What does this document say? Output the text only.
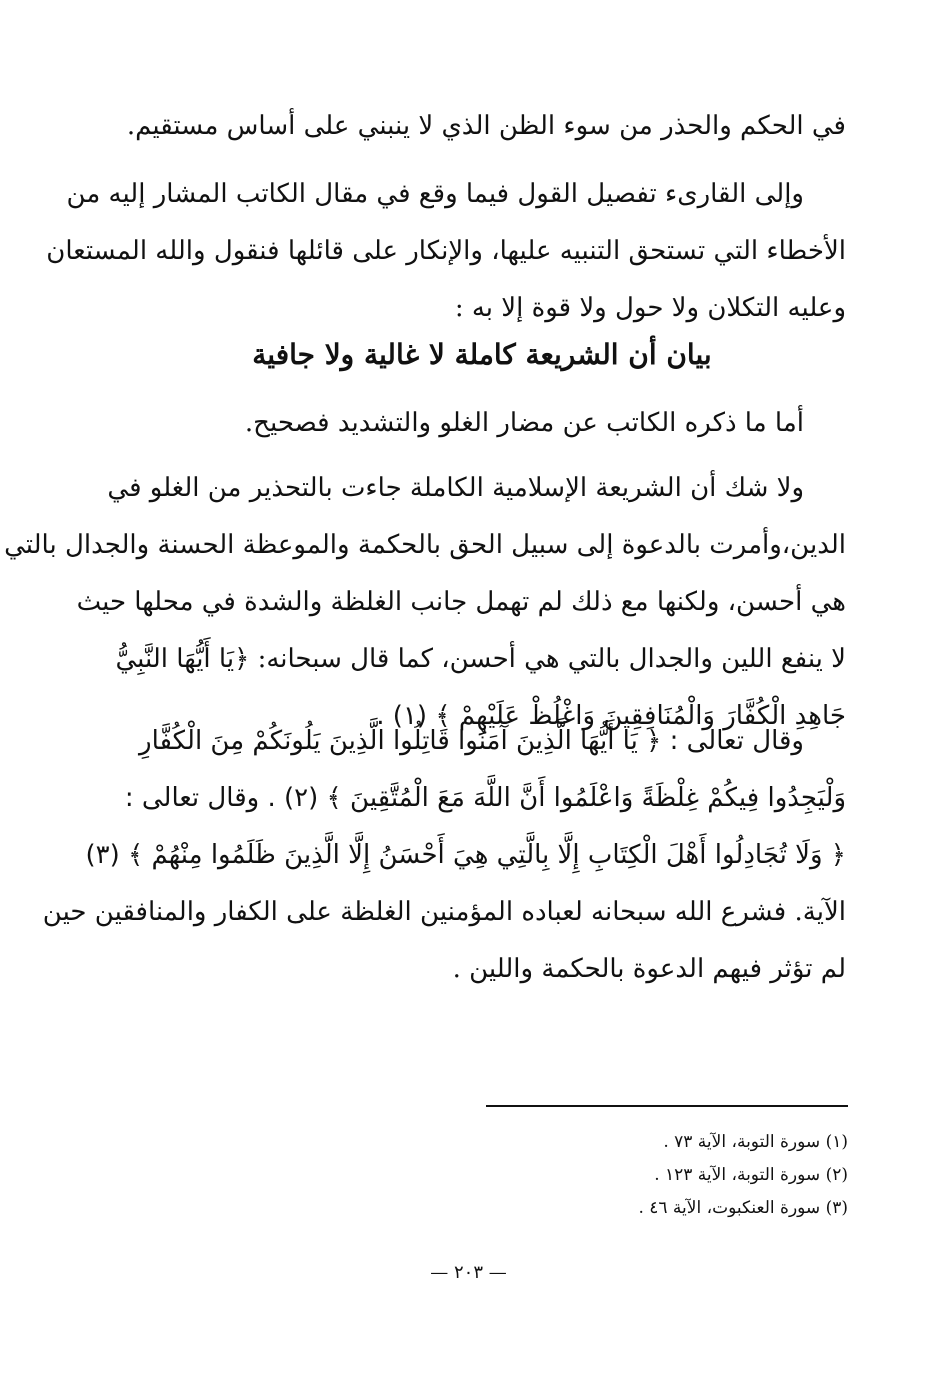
في الحكم والحذر من سوء الظن الذي لا ينبني على أساس مستقيم.
وإلى القارىء تفصيل القول فيما وقع في مقال الكاتب المشار إليه من
الأخطاء التي تستحق التنبيه عليها، والإنكار على قائلها فنقول والله المستعان
وعليه التكلان ولا حول ولا قوة إلا به :
بيان أن الشريعة كاملة لا غالية ولا جافية
أما ما ذكره الكاتب عن مضار الغلو والتشديد فصحيح.
ولا شك أن الشريعة الإسلامية الكاملة جاءت بالتحذير من الغلو في
الدين،وأمرت بالدعوة إلى سبيل الحق بالحكمة والموعظة الحسنة والجدال بالتي
هي أحسن، ولكنها مع ذلك لم تهمل جانب الغلظة والشدة في محلها حيث
لا ينفع اللين والجدال بالتي هي أحسن، كما قال سبحانه: ﴿يَا أَيُّهَا النَّبِيُّ
جَاهِدِ الْكُفَّارَ وَالْمُنَافِقِينَ وَاغْلُظْ عَلَيْهِمْ ﴾ (١) .
وقال تعالى : ﴿ يَا أَيُّهَا الَّذِينَ آمَنُوا قَاتِلُوا الَّذِينَ يَلُونَكُمْ مِنَ الْكُفَّارِ
وَلْيَجِدُوا فِيكُمْ غِلْظَةً وَاعْلَمُوا أَنَّ اللَّهَ مَعَ الْمُتَّقِينَ ﴾ (٢) . وقال تعالى :
﴿ وَلَا تُجَادِلُوا أَهْلَ الْكِتَابِ إِلَّا بِالَّتِي هِيَ أَحْسَنُ إِلَّا الَّذِينَ ظَلَمُوا مِنْهُمْ ﴾ (٣)
الآية. فشرع الله سبحانه لعباده المؤمنين الغلظة على الكفار والمنافقين حين
لم تؤثر فيهم الدعوة بالحكمة واللين .
(١) سورة التوبة، الآية ٧٣ .
(٢) سورة التوبة، الآية ١٢٣ .
(٣) سورة العنكبوت، الآية ٤٦ .
— ٢٠٣ —
